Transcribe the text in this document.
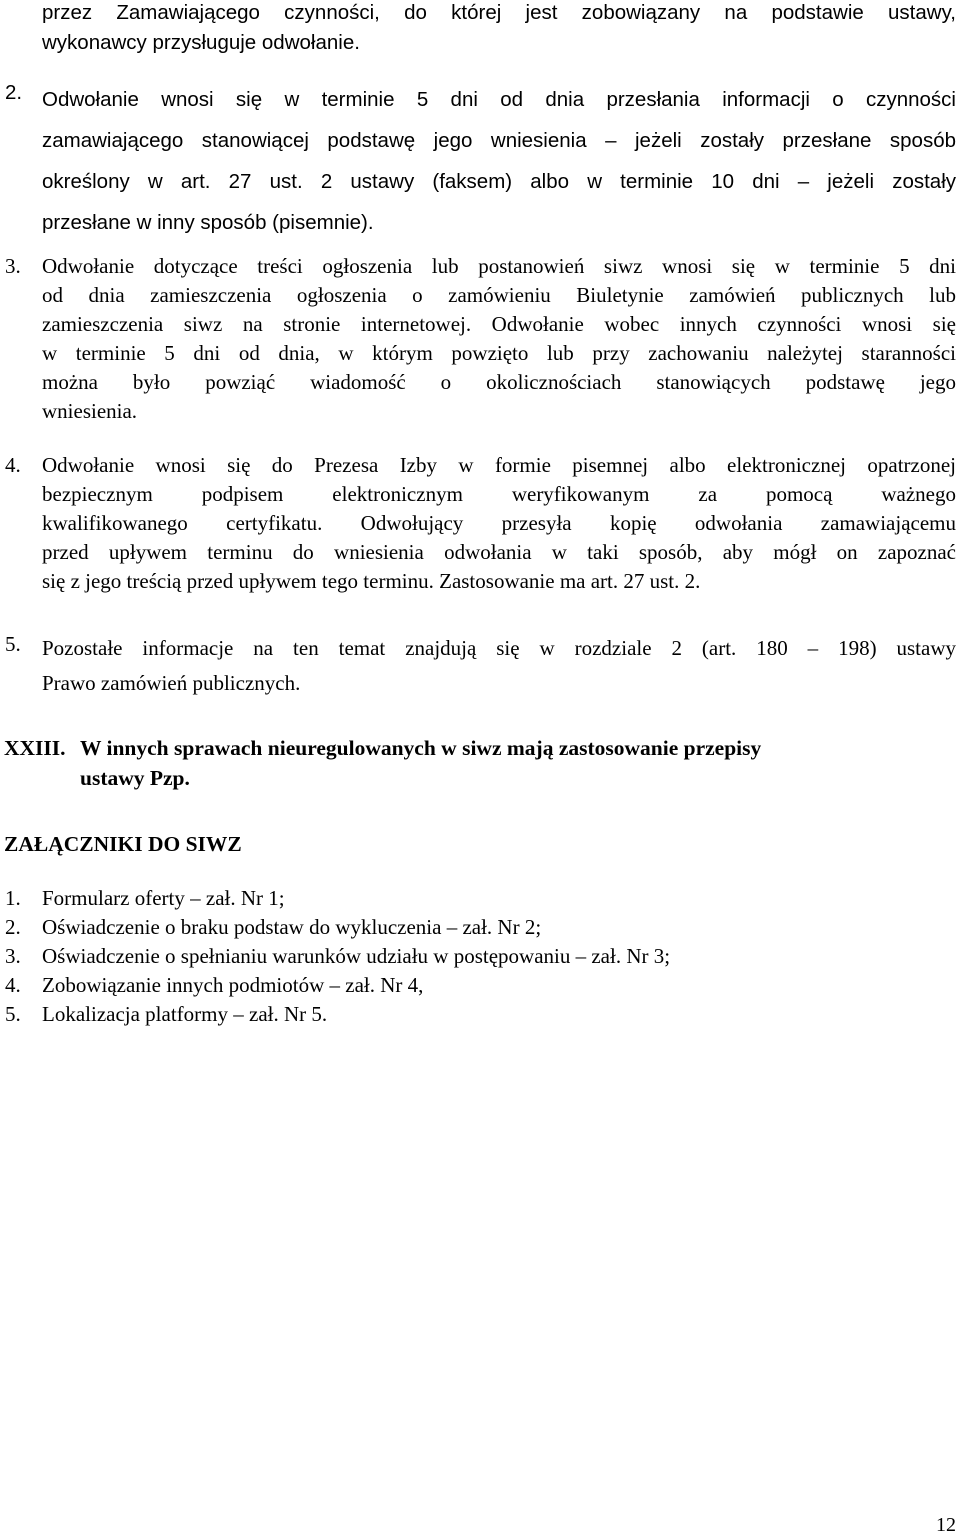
przez Zamawiającego czynności, do której jest zobowiązany na podstawie ustawy,
wykonawcy przysługuje odwołanie.
2. Odwołanie wnosi się w terminie 5 dni od dnia przesłania informacji o czynności
zamawiającego stanowiącej podstawę jego wniesienia – jeżeli zostały przesłane sposób
określony w art. 27 ust. 2 ustawy (faksem) albo w terminie 10 dni – jeżeli zostały
przesłane w inny sposób (pisemnie).
3. Odwołanie dotyczące treści ogłoszenia lub postanowień siwz wnosi się w terminie 5 dni
od dnia zamieszczenia ogłoszenia o zamówieniu Biuletynie zamówień publicznych lub
zamieszczenia siwz na stronie internetowej. Odwołanie wobec innych czynności wnosi się
w terminie 5 dni od dnia, w którym powzięto lub przy zachowaniu należytej staranności
można było powziąć wiadomość o okolicznościach stanowiących podstawę jego
wniesienia.
4. Odwołanie wnosi się do Prezesa Izby w formie pisemnej albo elektronicznej opatrzonej
bezpiecznym podpisem elektronicznym weryfikowanym za pomocą ważnego
kwalifikowanego certyfikatu. Odwołujący przesyła kopię odwołania zamawiającemu
przed upływem terminu do wniesienia odwołania w taki sposób, aby mógł on zapoznać
się z jego treścią przed upływem tego terminu. Zastosowanie ma art. 27 ust. 2.
5. Pozostałe informacje na ten temat znajdują się w rozdziale 2 (art. 180 – 198) ustawy
Prawo zamówień publicznych.
XXIII. W innych sprawach nieuregulowanych w siwz mają zastosowanie przepisy
ustawy Pzp.
ZAŁĄCZNIKI DO SIWZ
1. Formularz oferty – zał. Nr 1;
2. Oświadczenie o braku podstaw do wykluczenia – zał. Nr 2;
3. Oświadczenie o spełnianiu warunków udziału w postępowaniu – zał. Nr 3;
4. Zobowiązanie innych podmiotów – zał. Nr 4,
5. Lokalizacja platformy – zał. Nr 5.
12
